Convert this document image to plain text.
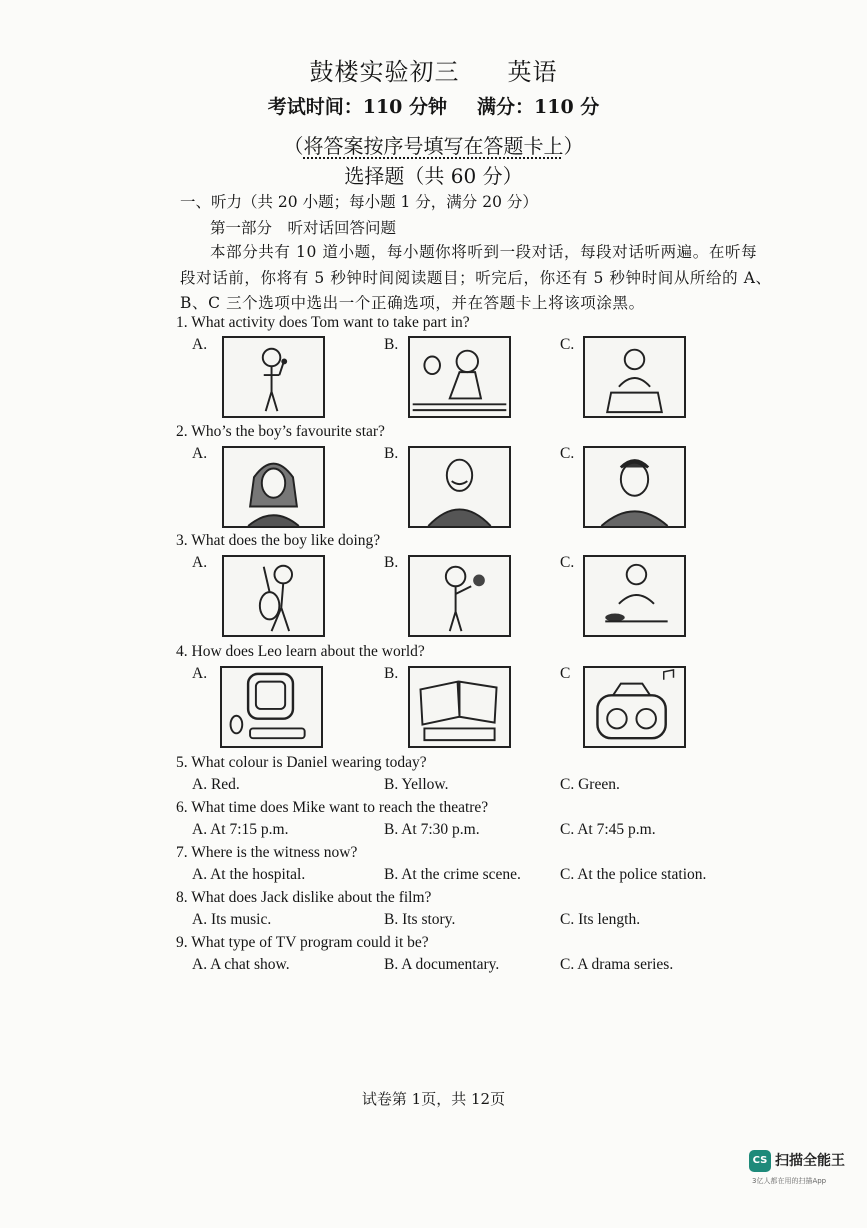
鼓楼实验初三 英语
考试时间：110 分钟 满分：110 分
（将答案按序号填写在答题卡上）
选择题（共 60 分）
一、听力（共 20 小题；每小题 1 分，满分 20 分）
第一部分　听对话回答问题
本部分共有 10 道小题，每小题你将听到一段对话，每段对话听两遍。在听每
段对话前，你将有 5 秒钟时间阅读题目；听完后，你还有 5 秒钟时间从所给的 A、
B、C 三个选项中选出一个正确选项，并在答题卡上将该项涂黑。
1. What activity does Tom want to take part in?
A.	B.	C.
2. Who’s the boy’s favourite star?
A.	B.	C.
3. What does the boy like doing?
A.	B.	C.
4. How does Leo learn about the world?
A.	B.	C
5. What colour is Daniel wearing today?
A. Red.	B. Yellow.	C. Green.
6. What time does Mike want to reach the theatre?
A. At 7:15 p.m.	B. At 7:30 p.m.	C. At 7:45 p.m.
7. Where is the witness now?
A. At the hospital.	B. At the crime scene.	C. At the police station.
8. What does Jack dislike about the film?
A. Its music.	B. Its story.	C. Its length.
9. What type of TV program could it be?
A. A chat show.	B. A documentary.	C. A drama series.
试卷第 1页，共 12页
CS 扫描全能王
3亿人都在用的扫描App
